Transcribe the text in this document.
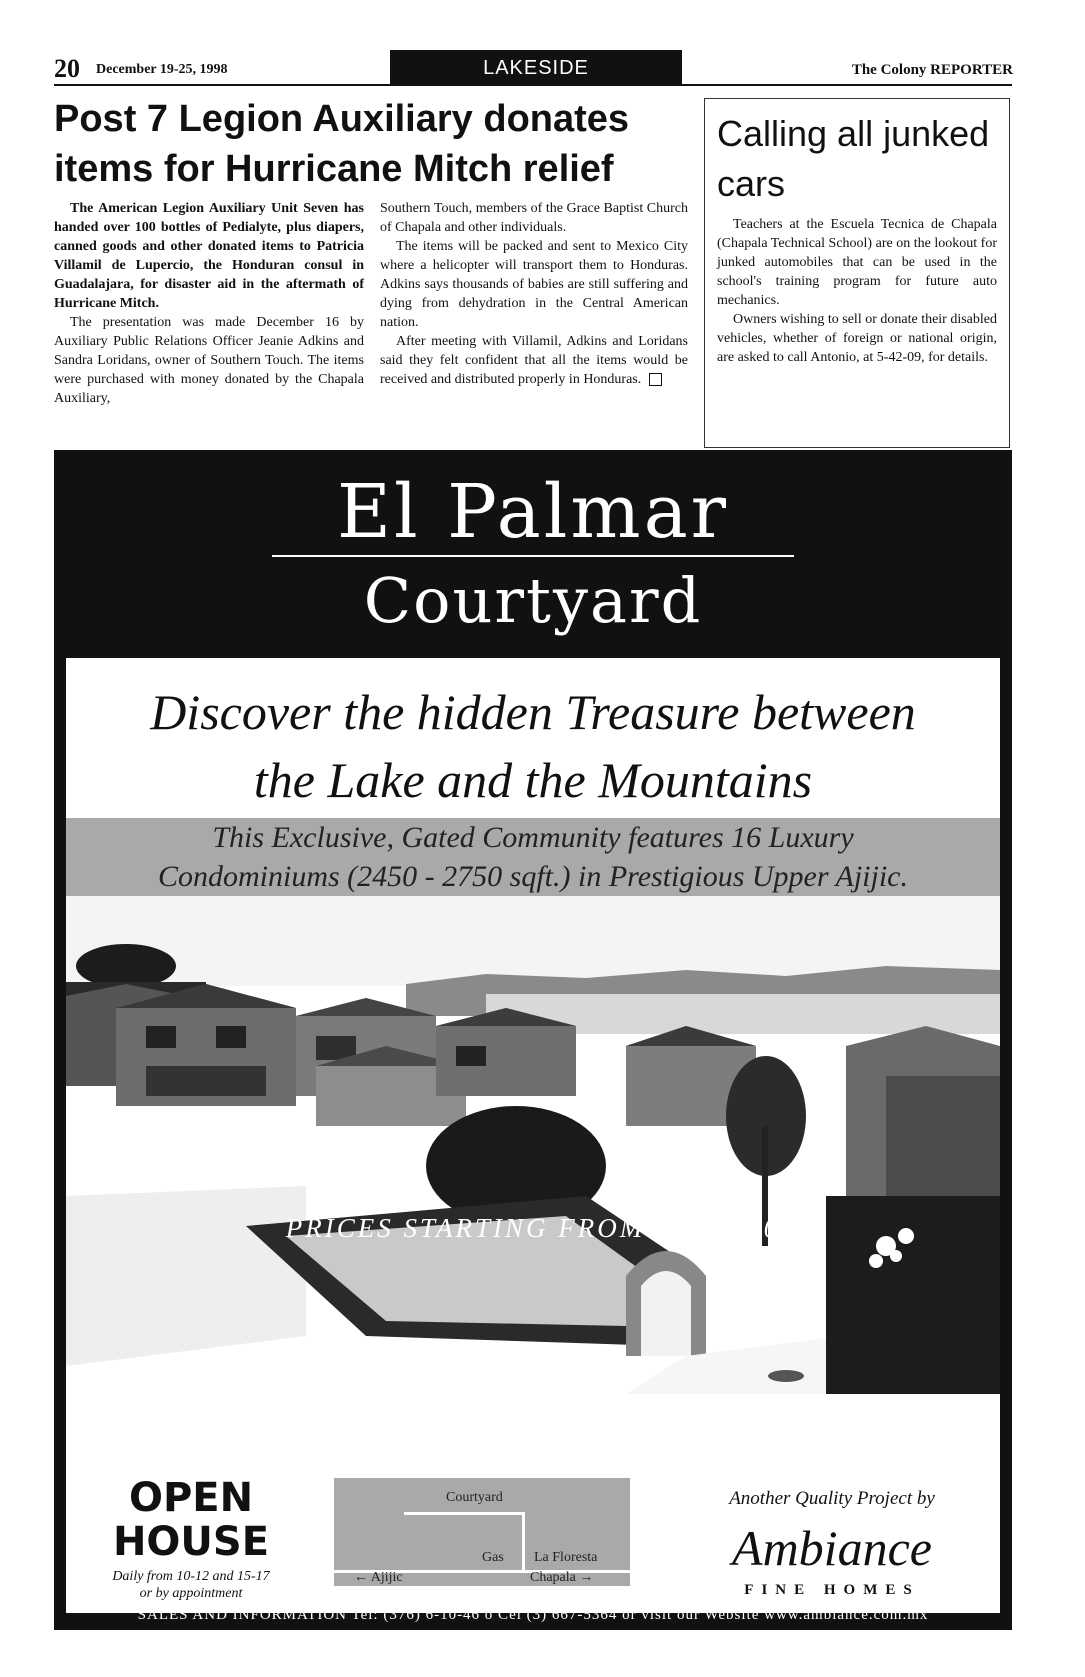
20 December 19-25, 1998	LAKESIDE	The Colony REPORTER
Post 7 Legion Auxiliary donates items for Hurricane Mitch relief

The American Legion Auxiliary Unit Seven has handed over 100 bottles of Pedialyte, plus diapers, canned goods and other donated items to Patricia Villamil de Lupercio, the Honduran consul in Guadalajara, for disaster aid in the aftermath of Hurricane Mitch.

The presentation was made December 16 by Auxiliary Public Relations Officer Jeanie Adkins and Sandra Loridans, owner of Southern Touch. The items were purchased with money donated by the Chapala Auxiliary,

Southern Touch, members of the Grace Baptist Church of Chapala and other individuals.

The items will be packed and sent to Mexico City where a helicopter will transport them to Honduras. Adkins says thousands of babies are still suffering and dying from dehydration in the Central American nation.

After meeting with Villamil, Adkins and Loridans said they felt confident that all the items would be received and distributed properly in Honduras.

Calling all junked cars

Teachers at the Escuela Tecnica de Chapala (Chapala Technical School) are on the lookout for junked automobiles that can be used in the school's training program for future auto mechanics.

Owners wishing to sell or donate their disabled vehicles, whether of foreign or national origin, are asked to call Antonio, at 5-42-09, for details.

El Palmar
Courtyard
Discover the hidden Treasure between
the Lake and the Mountains
This Exclusive, Gated Community features 16 Luxury
Condominiums (2450 - 2750 sqft.) in Prestigious Upper Ajijic.
PRICES STARTING FROM $172.000
OPEN
HOUSE
Daily from 10-12 and 15-17
or by appointment
Courtyard
Gas La Floresta
← Ajijic	Chapala →
Another Quality Project by
Ambiance
FINE HOMES
SALES AND INFORMATION Tel: (376) 6-10-46 o Cel (3) 667-5364 or visit our Website www.ambiance.com.mx
